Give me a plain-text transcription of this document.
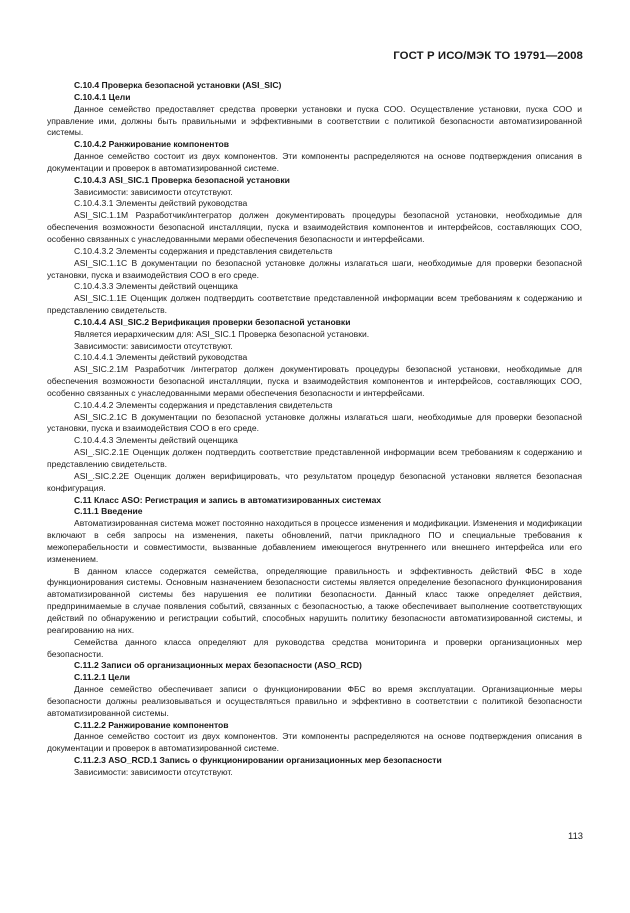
ГОСТ Р ИСО/МЭК ТО 19791—2008

С.10.4 Проверка безопасной установки (ASI_SIC)

С.10.4.1 Цели

Данное семейство предоставляет средства проверки установки и пуска СОО. Осуществление установки, пуска СОО и управление ими, должны быть правильными и эффективными в соответствии с политикой безопасности автоматизированной системы.

С.10.4.2 Ранжирование компонентов

Данное семейство состоит из двух компонентов. Эти компоненты распределяются на основе подтверждения описания в документации и проверок в автоматизированной системе.

С.10.4.3 ASI_SIC.1 Проверка безопасной установки

Зависимости: зависимости отсутствуют.

С.10.4.3.1 Элементы действий руководства

ASI_SIC.1.1M Разработчик/интегратор должен документировать процедуры безопасной установки, необходимые для обеспечения возможности безопасной инсталляции, пуска и взаимодействия компонентов и интерфейсов, составляющих СОО, особенно связанных с унаследованными мерами обеспечения безопасности и интерфейсами.

С.10.4.3.2 Элементы содержания и представления свидетельств

ASI_SIC.1.1C В документации по безопасной установке должны излагаться шаги, необходимые для проверки безопасной установки, пуска и взаимодействия СОО в его среде.

С.10.4.3.3 Элементы действий оценщика

ASI_SIC.1.1E Оценщик должен подтвердить соответствие представленной информации всем требованиям к содержанию и представлению свидетельств.

С.10.4.4 ASI_SIC.2 Верификация проверки безопасной установки

Является иерархическим для: ASI_SIC.1 Проверка безопасной установки.

Зависимости: зависимости отсутствуют.

С.10.4.4.1 Элементы действий руководства

ASI_SIC.2.1M Разработчик /интегратор должен документировать процедуры безопасной установки, необходимые для обеспечения возможности безопасной инсталляции, пуска и взаимодействия компонентов и интерфейсов, составляющих СОО, особенно связанных с унаследованными мерами обеспечения безопасности и интерфейсами.

С.10.4.4.2 Элементы содержания и представления свидетельств

ASI_SIC.2.1C В документации по безопасной установке должны излагаться шаги, необходимые для проверки безопасной установки, пуска и взаимодействия СОО в его среде.

С.10.4.4.3 Элементы действий оценщика

ASI_.SIC.2.1E Оценщик должен подтвердить соответствие представленной информации всем требованиям к содержанию и представлению свидетельств.

ASI_.SIC.2.2E Оценщик должен верифицировать, что результатом процедур безопасной установки является безопасная конфигурация.

С.11 Класс ASO: Регистрация и запись в автоматизированных системах

С.11.1 Введение

Автоматизированная система может постоянно находиться в процессе изменения и модификации. Изменения и модификации включают в себя запросы на изменения, пакеты обновлений, патчи прикладного ПО и специальные требования к межоперабельности и совместимости, вызванные добавлением имеющегося внутреннего или внешнего интерфейса или его изменением.

В данном классе содержатся семейства, определяющие правильность и эффективность действий ФБС в ходе функционирования системы. Основным назначением безопасности системы является определение безопасного функционирования автоматизированной системы без нарушения ее политики безопасности. Данный класс также определяет действия, предпринимаемые в случае появления событий, связанных с безопасностью, а также обеспечивает выполнение соответствующих действий по обнаружению и регистрации событий, способных нарушить политику безопасности автоматизированной системы, и реагированию на них.

Семейства данного класса определяют для руководства средства мониторинга и проверки организационных мер безопасности.

С.11.2 Записи об организационных мерах безопасности (ASO_RCD)

С.11.2.1 Цели

Данное семейство обеспечивает записи о функционировании ФБС во время эксплуатации. Организационные меры безопасности должны реализовываться и осуществляться правильно и эффективно в соответствии с политикой безопасности автоматизированной системы.

С.11.2.2 Ранжирование компонентов

Данное семейство состоит из двух компонентов. Эти компоненты распределяются на основе подтверждения описания в документации и проверок в автоматизированной системе.

С.11.2.3 ASO_RCD.1 Запись о функционировании организационных мер безопасности

Зависимости: зависимости отсутствуют.

113
